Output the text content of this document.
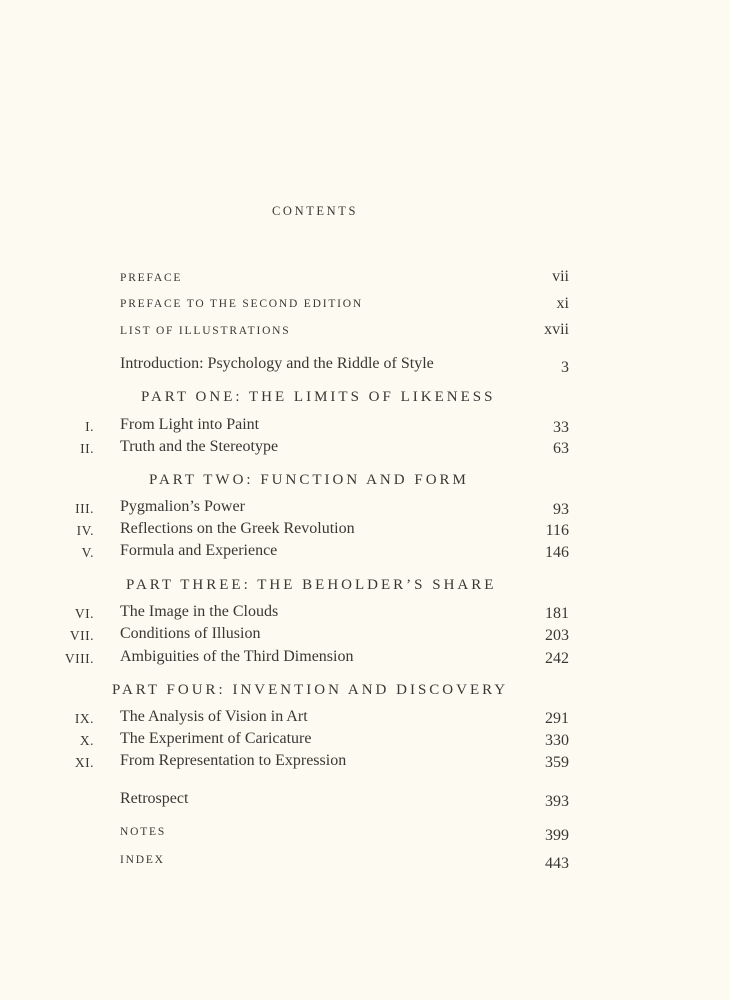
CONTENTS
PREFACE	vii
PREFACE TO THE SECOND EDITION	xi
LIST OF ILLUSTRATIONS	xvii
Introduction: Psychology and the Riddle of Style	3
PART ONE: THE LIMITS OF LIKENESS
I. From Light into Paint	33
II. Truth and the Stereotype	63
PART TWO: FUNCTION AND FORM
III. Pygmalion’s Power	93
IV. Reflections on the Greek Revolution	116
V. Formula and Experience	146
PART THREE: THE BEHOLDER’S SHARE
VI. The Image in the Clouds	181
VII. Conditions of Illusion	203
VIII. Ambiguities of the Third Dimension	242
PART FOUR: INVENTION AND DISCOVERY
IX. The Analysis of Vision in Art	291
X. The Experiment of Caricature	330
XI. From Representation to Expression	359
Retrospect	393
NOTES	399
INDEX	443
